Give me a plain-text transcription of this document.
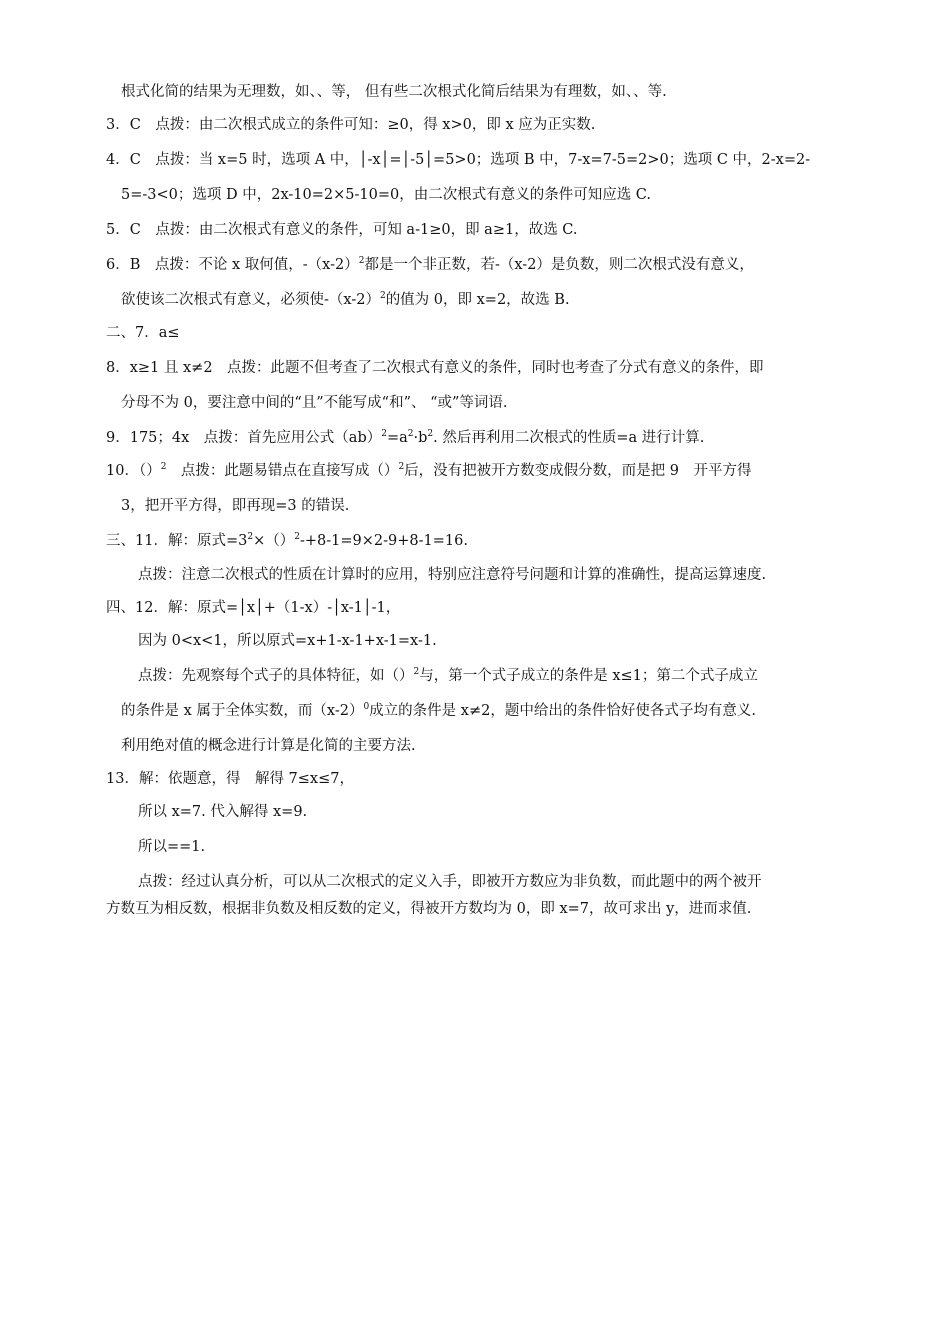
根式化简的结果为无理数，如、、等， 但有些二次根式化简后结果为有理数，如、、等.
3．C　点拨：由二次根式成立的条件可知：≥0，得 x>0，即 x 应为正实数.
4．C　点拨：当 x=5 时，选项 A 中，│-x│=│-5│=5>0；选项 B 中，7-x=7-5=2>0；选项 C 中，2-x=2-
5=-3<0；选项 D 中，2x-10=2×5-10=0，由二次根式有意义的条件可知应选 C.
5．C　点拨：由二次根式有意义的条件，可知 a-1≥0，即 a≥1，故选 C.
6．B　点拨：不论 x 取何值，$-(x-2)^2$都是一个非正数，若-（x-2）是负数，则二次根式没有意义，
欲使该二次根式有意义，必须使$-(x-2)^2$的值为 0，即 x=2，故选 B.
二、7．a≤
8．x≥1 且 x≠2　点拨：此题不但考查了二次根式有意义的条件，同时也考查了分式有意义的条件，即
分母不为 0，要注意中间的“且”不能写成“和”、 “或”等词语.
9．175；4x　点拨：首先应用公式$(ab)^2=a^2\cdot b^2$. 然后再利用二次根式的性质=a 进行计算.
10．（）$^2$　点拨：此题易错点在直接写成（）$^2$后，没有把被开方数变成假分数，而是把 9　开平方得
3，把开平方得，即再现=3 的错误.
三、11．解：原式$=3^2\times()^2-+8-1=9\times 2-9+8-1=16$.
点拨：注意二次根式的性质在计算时的应用，特别应注意符号问题和计算的准确性，提高运算速度.
四、12．解：原式=│x│+（1-x）-│x-1│-1，
因为 0<x<1，所以原式=x+1-x-1+x-1=x-1.
点拨：先观察每个式子的具体特征，如（）$^2$与，第一个式子成立的条件是 x≤1；第二个式子成立
的条件是 x 属于全体实数，而$(x-2)^0$成立的条件是 x≠2，题中给出的条件恰好使各式子均有意义.
利用绝对值的概念进行计算是化简的主要方法.
13．解：依题意，得　解得 7≤x≤7，
所以 x=7. 代入解得 x=9.
所以==1.
点拨：经过认真分析，可以从二次根式的定义入手，即被开方数应为非负数，而此题中的两个被开
方数互为相反数，根据非负数及相反数的定义，得被开方数均为 0，即 x=7，故可求出 y，进而求值.
